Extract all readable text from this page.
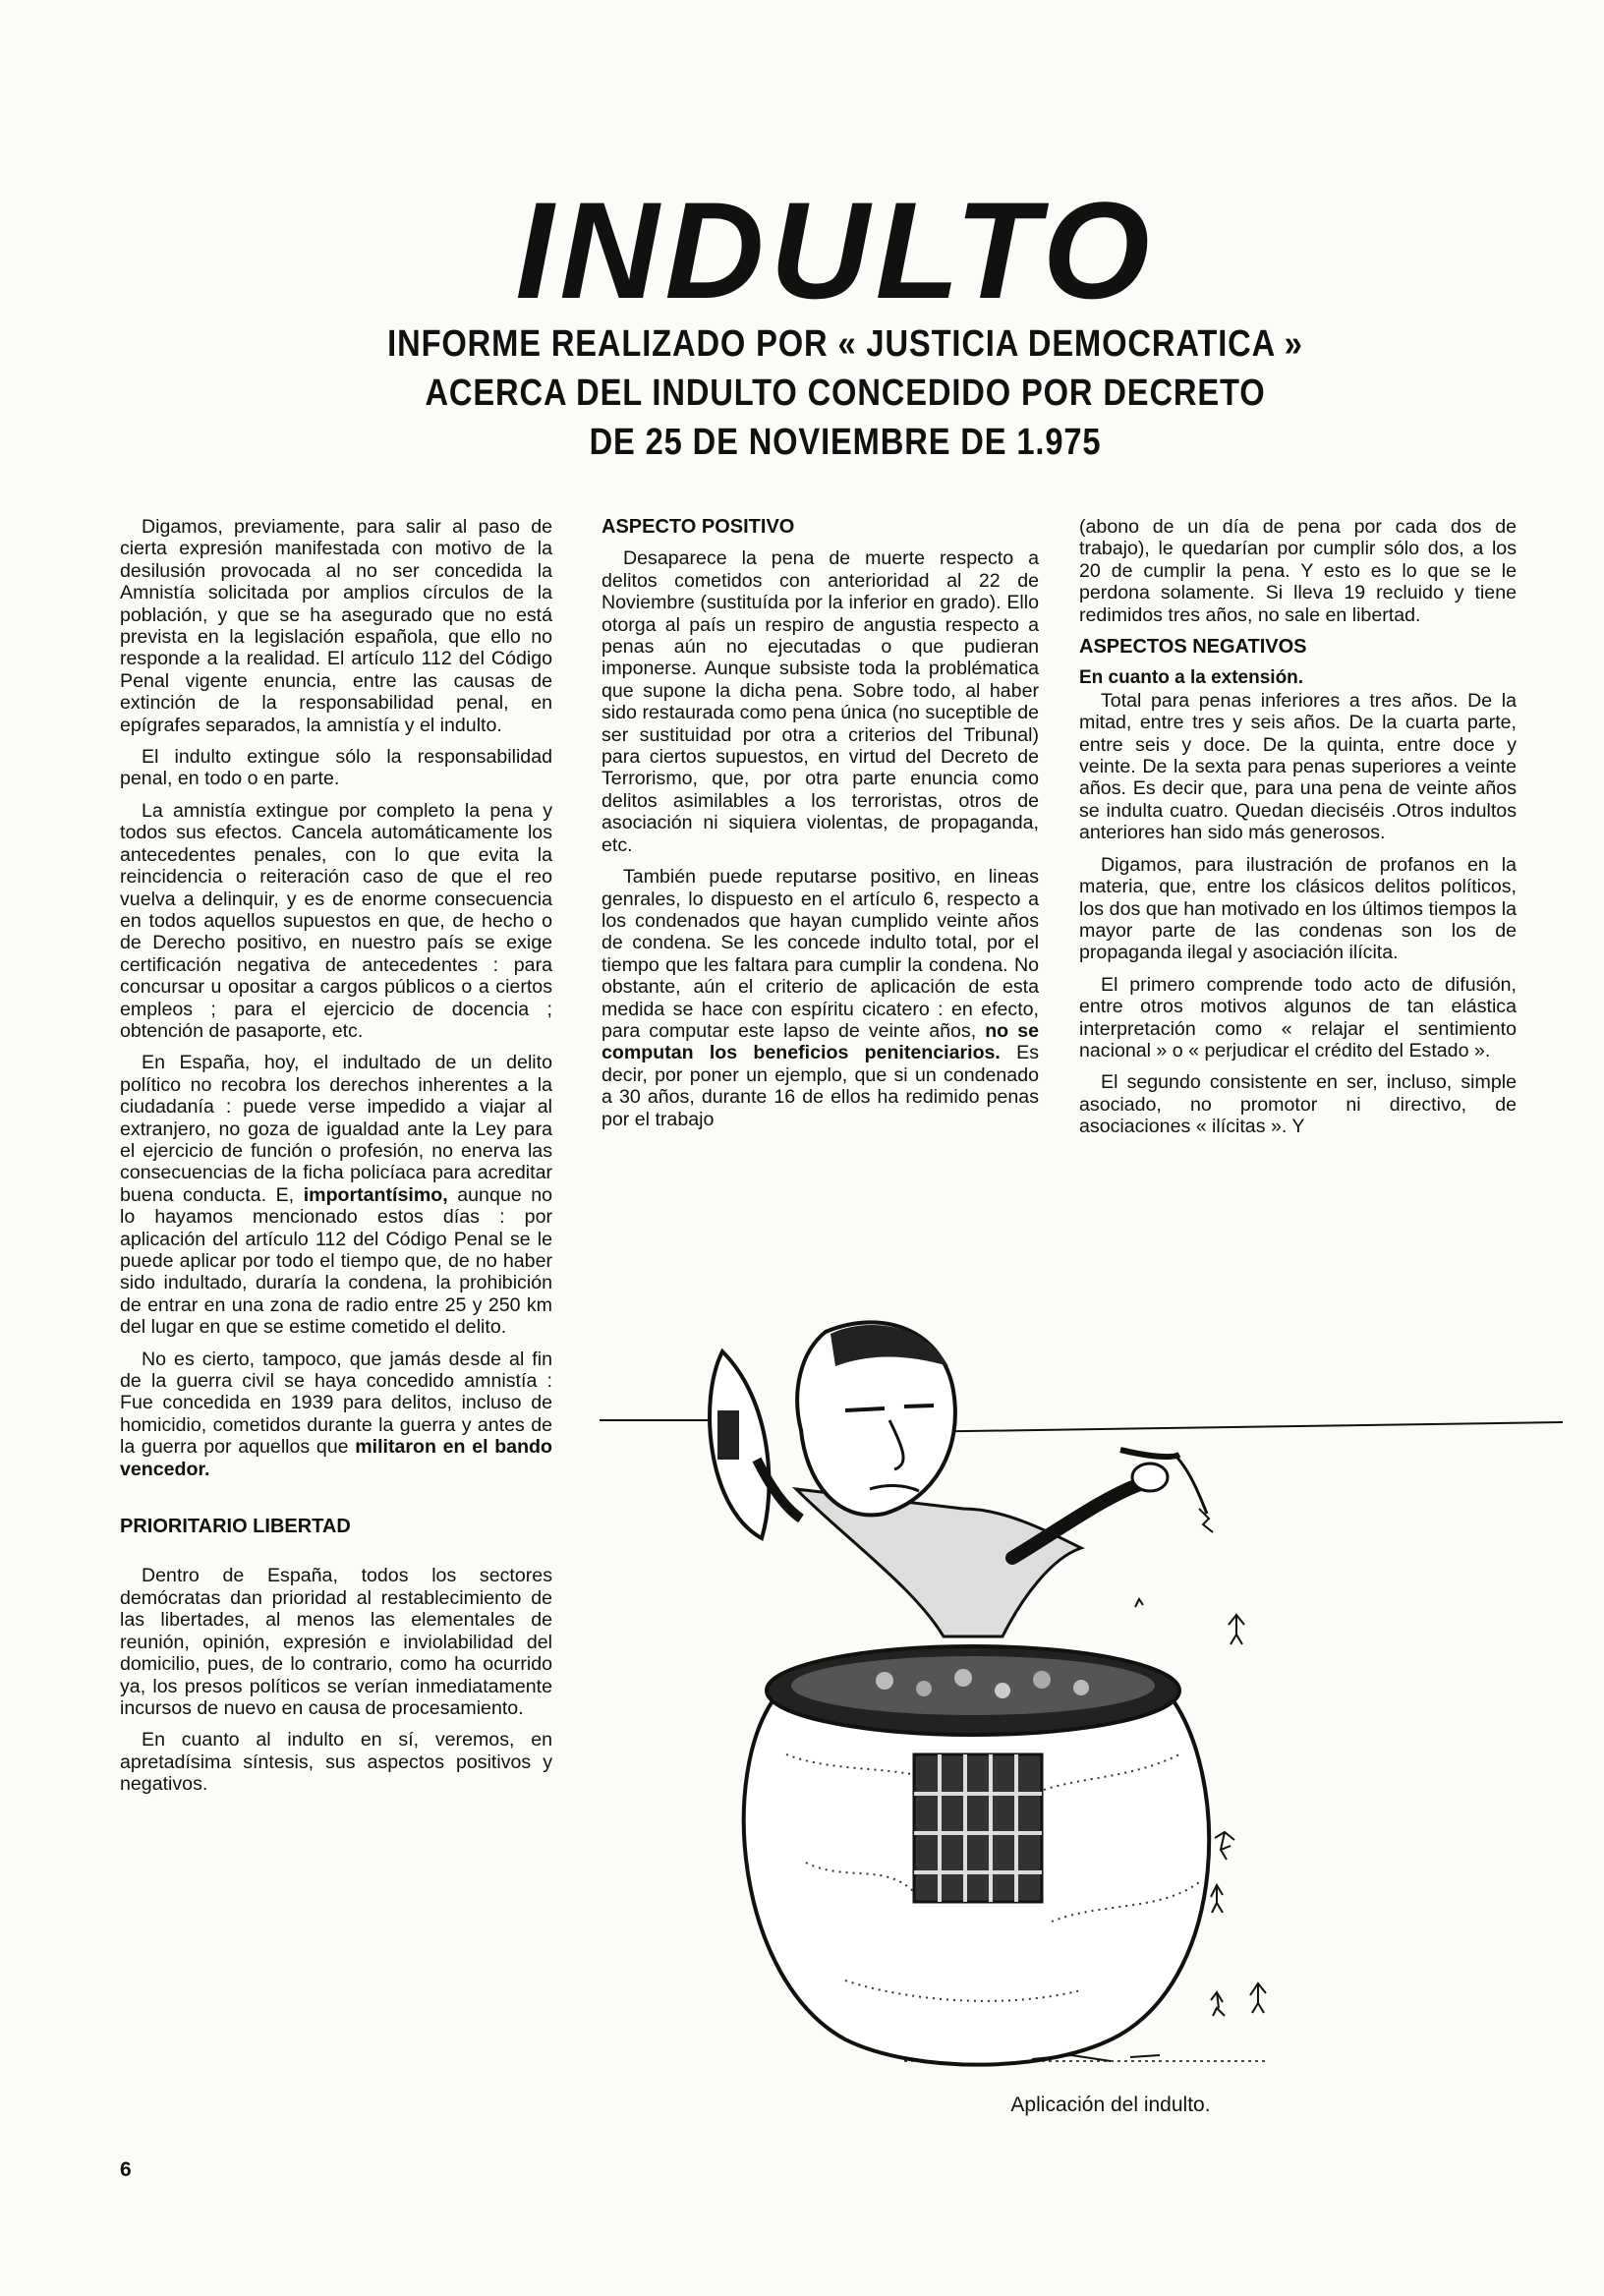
INDULTO
INFORME REALIZADO POR « JUSTICIA DEMOCRATICA »
ACERCA DEL INDULTO CONCEDIDO POR DECRETO
DE 25 DE NOVIEMBRE DE 1.975

Digamos, previamente, para salir al paso de cierta expresión manifestada con motivo de la desilusión provocada al no ser concedida la Amnistía solicitada por amplios círculos de la población, y que se ha asegurado que no está prevista en la legislación española, que ello no responde a la realidad. El artículo 112 del Código Penal vigente enuncia, entre las causas de extinción de la responsabilidad penal, en epígrafes separados, la amnistía y el indulto.

El indulto extingue sólo la responsabilidad penal, en todo o en parte.

La amnistía extingue por completo la pena y todos sus efectos. Cancela automáticamente los antecedentes penales, con lo que evita la reincidencia o reiteración caso de que el reo vuelva a delinquir, y es de enorme consecuencia en todos aquellos supuestos en que, de hecho o de Derecho positivo, en nuestro país se exige certificación negativa de antecedentes : para concursar u opositar a cargos públicos o a ciertos empleos ; para el ejercicio de docencia ; obtención de pasaporte, etc.

En España, hoy, el indultado de un delito político no recobra los derechos inherentes a la ciudadanía : puede verse impedido a viajar al extranjero, no goza de igualdad ante la Ley para el ejercicio de función o profesión, no enerva las consecuencias de la ficha policíaca para acreditar buena conducta. E, importantísimo, aunque no lo hayamos mencionado estos días : por aplicación del artículo 112 del Código Penal se le puede aplicar por todo el tiempo que, de no haber sido indultado, duraría la condena, la prohibición de entrar en una zona de radio entre 25 y 250 km del lugar en que se estime cometido el delito.

No es cierto, tampoco, que jamás desde al fin de la guerra civil se haya concedido amnistía : Fue concedida en 1939 para delitos, incluso de homicidio, cometidos durante la guerra y antes de la guerra por aquellos que militaron en el bando vencedor.

PRIORITARIO LIBERTAD

Dentro de España, todos los sectores demócratas dan prioridad al restablecimiento de las libertades, al menos las elementales de reunión, opinión, expresión e inviolabilidad del domicilio, pues, de lo contrario, como ha ocurrido ya, los presos políticos se verían inmediatamente incursos de nuevo en causa de procesamiento.

En cuanto al indulto en sí, veremos, en apretadísima síntesis, sus aspectos positivos y negativos.

ASPECTO POSITIVO

Desaparece la pena de muerte respecto a delitos cometidos con anterioridad al 22 de Noviembre (sustituída por la inferior en grado). Ello otorga al país un respiro de angustia respecto a penas aún no ejecutadas o que pudieran imponerse. Aunque subsiste toda la problématica que supone la dicha pena. Sobre todo, al haber sido restaurada como pena única (no suceptible de ser sustituidad por otra a criterios del Tribunal) para ciertos supuestos, en virtud del Decreto de Terrorismo, que, por otra parte enuncia como delitos asimilables a los terroristas, otros de asociación ni siquiera violentas, de propaganda, etc.

También puede reputarse positivo, en lineas genrales, lo dispuesto en el artículo 6, respecto a los condenados que hayan cumplido veinte años de condena. Se les concede indulto total, por el tiempo que les faltara para cumplir la condena. No obstante, aún el criterio de aplicación de esta medida se hace con espíritu cicatero : en efecto, para computar este lapso de veinte años, no se computan los beneficios penitenciarios. Es decir, por poner un ejemplo, que si un condenado a 30 años, durante 16 de ellos ha redimido penas por el trabajo

(abono de un día de pena por cada dos de trabajo), le quedarían por cumplir sólo dos, a los 20 de cumplir la pena. Y esto es lo que se le perdona solamente. Si lleva 19 recluido y tiene redimidos tres años, no sale en libertad.

ASPECTOS NEGATIVOS
En cuanto a la extensión.

Total para penas inferiores a tres años. De la mitad, entre tres y seis años. De la cuarta parte, entre seis y doce. De la quinta, entre doce y veinte. De la sexta para penas superiores a veinte años. Es decir que, para una pena de veinte años se indulta cuatro. Quedan dieciséis .Otros indultos anteriores han sido más generosos.

Digamos, para ilustración de profanos en la materia, que, entre los clásicos delitos políticos, los dos que han motivado en los últimos tiempos la mayor parte de las condenas son los de propaganda ilegal y asociación ilícita.

El primero comprende todo acto de difusión, entre otros motivos algunos de tan elástica interpretación como « relajar el sentimiento nacional » o « perjudicar el crédito del Estado ».

El segundo consistente en ser, incluso, simple asociado, no promotor ni directivo, de asociaciones « ilícitas ». Y

Aplicación del indulto.
6
